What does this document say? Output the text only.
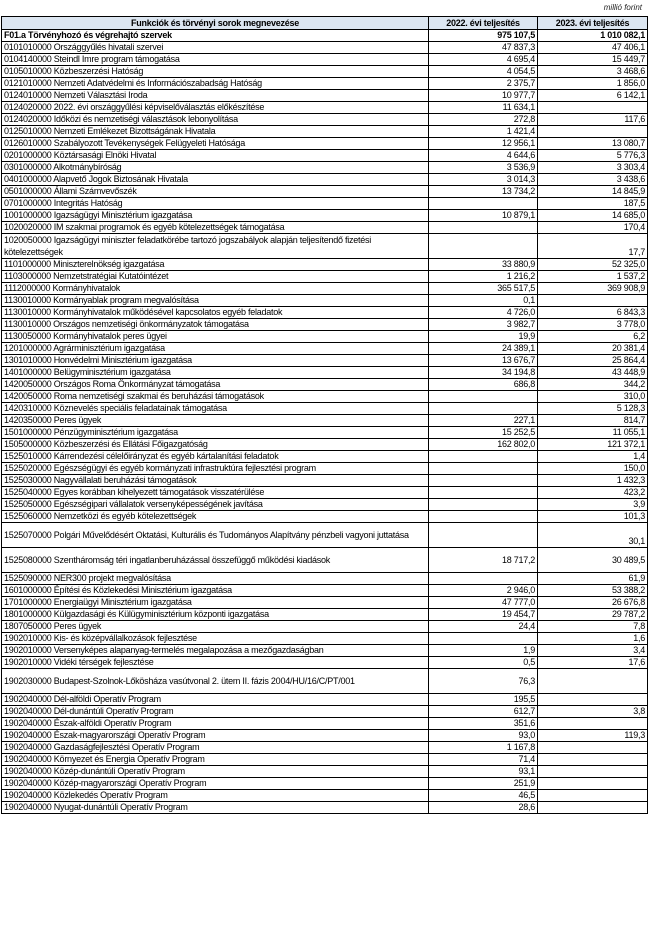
millió forint
Funkciók és törvényi sorok megnevezése	2022. évi teljesítés	2023. évi teljesítés
F01.a Törvényhozó és végrehajtó szervek	975 107,5	1 010 082,1
0101010000 Országgyűlés hivatali szervei	47 837,3	47 406,1
0104140000 Steindl Imre program támogatása	4 695,4	15 449,7
0105010000 Közbeszerzési Hatóság	4 054,5	3 468,6
0121010000 Nemzeti Adatvédelmi és Információszabadság Hatóság	2 375,7	1 856,0
0124010000 Nemzeti Választási Iroda	10 977,7	6 142,1
0124020000 2022. évi országgyűlési képviselőválasztás előkészítése	11 634,1	
0124020000 Időközi és nemzetiségi választások lebonyolítása	272,8	117,6
0125010000 Nemzeti Emlékezet Bizottságának Hivatala	1 421,4	
0126010000 Szabályozott Tevékenységek Felügyeleti Hatósága	12 956,1	13 080,7
0201000000 Köztársasági Elnöki Hivatal	4 644,6	5 776,3
0301000000 Alkotmánybíróság	3 536,9	3 303,4
0401000000 Alapvető Jogok Biztosának Hivatala	3 014,3	3 438,6
0501000000 Állami Számvevőszék	13 734,2	14 845,9
0701000000 Integritás Hatóság		187,5
1001000000 Igazságügyi Minisztérium igazgatása	10 879,1	14 685,0
1020020000 IM szakmai programok és egyéb kötelezettségek támogatása		170,4
1020050000 Igazságügyi miniszter feladatkörébe tartozó jogszabályok alapján teljesítendő fizetési kötelezettségek		17,7
1101000000 Miniszterelnökség igazgatása	33 880,9	52 325,0
1103000000 Nemzetstratégiai Kutatóintézet	1 216,2	1 537,2
1112000000 Kormányhivatalok	365 517,5	369 908,9
1130010000 Kormányablak program megvalósítása	0,1	
1130010000 Kormányhivatalok működésével kapcsolatos egyéb feladatok	4 726,0	6 843,3
1130010000 Országos nemzetiségi önkormányzatok támogatása	3 982,7	3 778,0
1130050000 Kormányhivatalok peres ügyei	19,9	6,2
1201000000 Agrárminisztérium igazgatása	24 389,1	20 381,4
1301010000 Honvédelmi Minisztérium igazgatása	13 676,7	25 864,4
1401000000 Belügyminisztérium igazgatása	34 194,8	43 448,9
1420050000 Országos Roma Önkormányzat támogatása	686,8	344,2
1420050000 Roma nemzetiségi szakmai és beruházási támogatások		310,0
1420310000 Köznevelés speciális feladatainak támogatása		5 128,3
1420350000 Peres ügyek	227,1	814,7
1501000000 Pénzügyminisztérium igazgatása	15 252,5	11 055,1
1505000000 Közbeszerzési és Ellátási Főigazgatóság	162 802,0	121 372,1
1525010000 Kárrendezési célelőirányzat és egyéb kártalanítási feladatok		1,4
1525020000 Egészségügyi és egyéb kormányzati infrastruktúra fejlesztési program		150,0
1525030000 Nagyvállalati beruházási támogatások		1 432,3
1525040000 Egyes korábban kihelyezett támogatások visszatérülése		423,2
1525050000 Egészségipari vállalatok versenyképességének javítása		3,9
1525060000 Nemzetközi és egyéb kötelezettségek		101,3
1525070000 Polgári Művelődésért Oktatási, Kulturális és Tudományos Alapítvány pénzbeli vagyoni juttatása		30,1
1525080000 Szentháromság téri ingatlanberuházással összefüggő működési kiadások	18 717,2	30 489,5
1525090000 NER300 projekt megvalósítása		61,9
1601000000 Építési és Közlekedési Minisztérium igazgatása	2 946,0	53 388,2
1701000000 Energiaügyi Minisztérium igazgatása	47 777,0	26 676,8
1801000000 Külgazdasági és Külügyminisztérium központi igazgatása	19 454,7	29 787,2
1807050000 Peres ügyek	24,4	7,8
1902010000 Kis- és középvállalkozások fejlesztése		1,6
1902010000 Versenyképes alapanyag-termelés megalapozása a mezőgazdaságban	1,9	3,4
1902010000 Vidéki térségek fejlesztése	0,5	17,6
1902030000 Budapest-Szolnok-Lőkösháza vasútvonal 2. ütem II. fázis 2004/HU/16/C/PT/001	76,3	
1902040000 Dél-alföldi Operatív Program	195,5	
1902040000 Dél-dunántúli Operatív Program	612,7	3,8
1902040000 Észak-alföldi Operatív Program	351,6	
1902040000 Észak-magyarországi Operatív Program	93,0	119,3
1902040000 Gazdaságfejlesztési Operatív Program	1 167,8	
1902040000 Környezet és Energia Operatív Program	71,4	
1902040000 Közép-dunántúli Operatív Program	93,1	
1902040000 Közép-magyarországi Operatív Program	251,9	
1902040000 Közlekedés Operatív Program	46,5	
1902040000 Nyugat-dunántúli Operatív Program	28,6	
